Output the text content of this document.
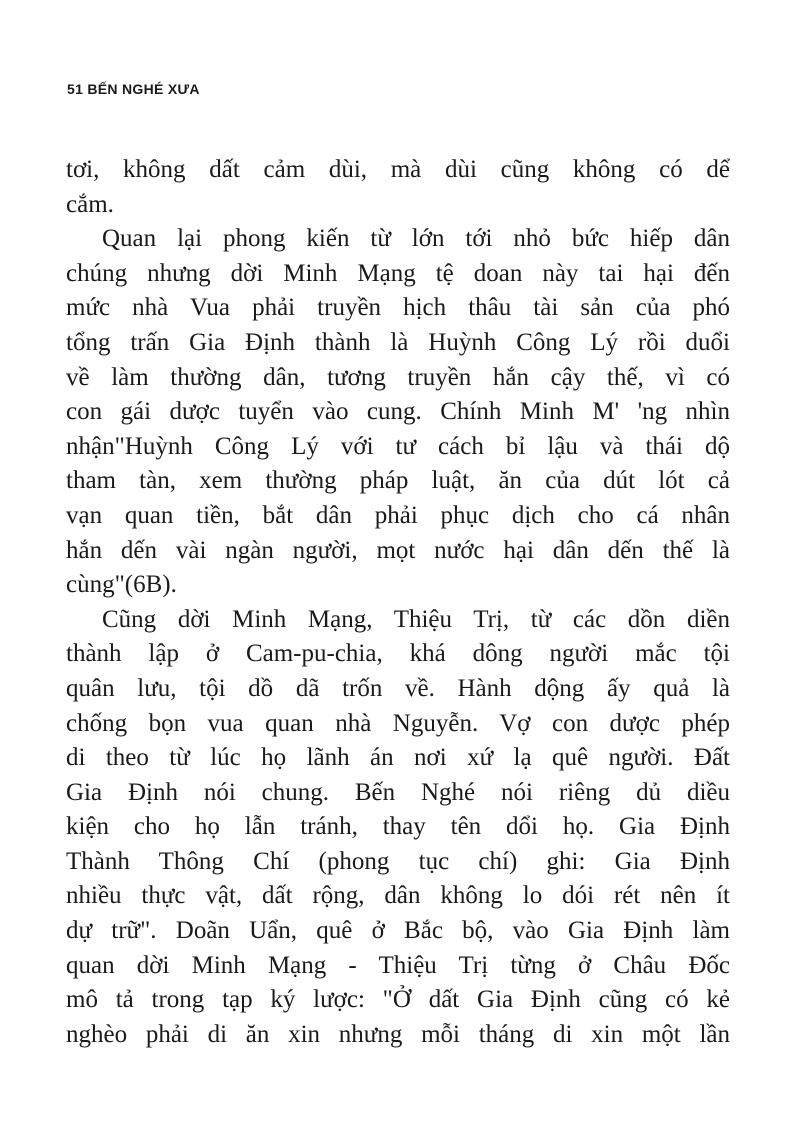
51 BẾN NGHÉ XƯA
tơi, không dất cảm dùi, mà dùi cũng không có dể
cắm.
Quan lại phong kiến từ lớn tới nhỏ bức hiếp dân
chúng nhưng dời Minh Mạng tệ doan này tai hại đến
mức nhà Vua phải truyền hịch thâu tài sản của phó
tổng trấn Gia Định thành là Huỳnh Công Lý rồi duổi
về làm thường dân, tương truyền hắn cậy thế, vì có
con gái dược tuyển vào cung. Chính Minh M' 'ng nhìn
nhận"Huỳnh Công Lý với tư cách bỉ lậu và thái dộ
tham tàn, xem thường pháp luật, ăn của dút lót cả
vạn quan tiền, bắt dân phải phục dịch cho cá nhân
hắn dến vài ngàn người, mọt nước hại dân dến thế là
cùng"(6B).
Cũng dời Minh Mạng, Thiệu Trị, từ các dồn diền
thành lập ở Cam-pu-chia, khá dông người mắc tội
quân lưu, tội dồ dã trốn về. Hành dộng ấy quả là
chống bọn vua quan nhà Nguyễn. Vợ con dược phép
di theo từ lúc họ lãnh án nơi xứ lạ quê người. Đất
Gia Định nói chung. Bến Nghé nói riêng dủ diều
kiện cho họ lẫn tránh, thay tên dổi họ. Gia Định
Thành Thông Chí (phong tục chí) ghi: Gia Định
nhiều thực vật, dất rộng, dân không lo dói rét nên ít
dự trữ". Doãn Uẩn, quê ở Bắc bộ, vào Gia Định làm
quan dời Minh Mạng - Thiệu Trị từng ở Châu Đốc
mô tả trong tạp ký lược: "Ở dất Gia Định cũng có kẻ
nghèo phải di ăn xin nhưng mỗi tháng di xin một lần
